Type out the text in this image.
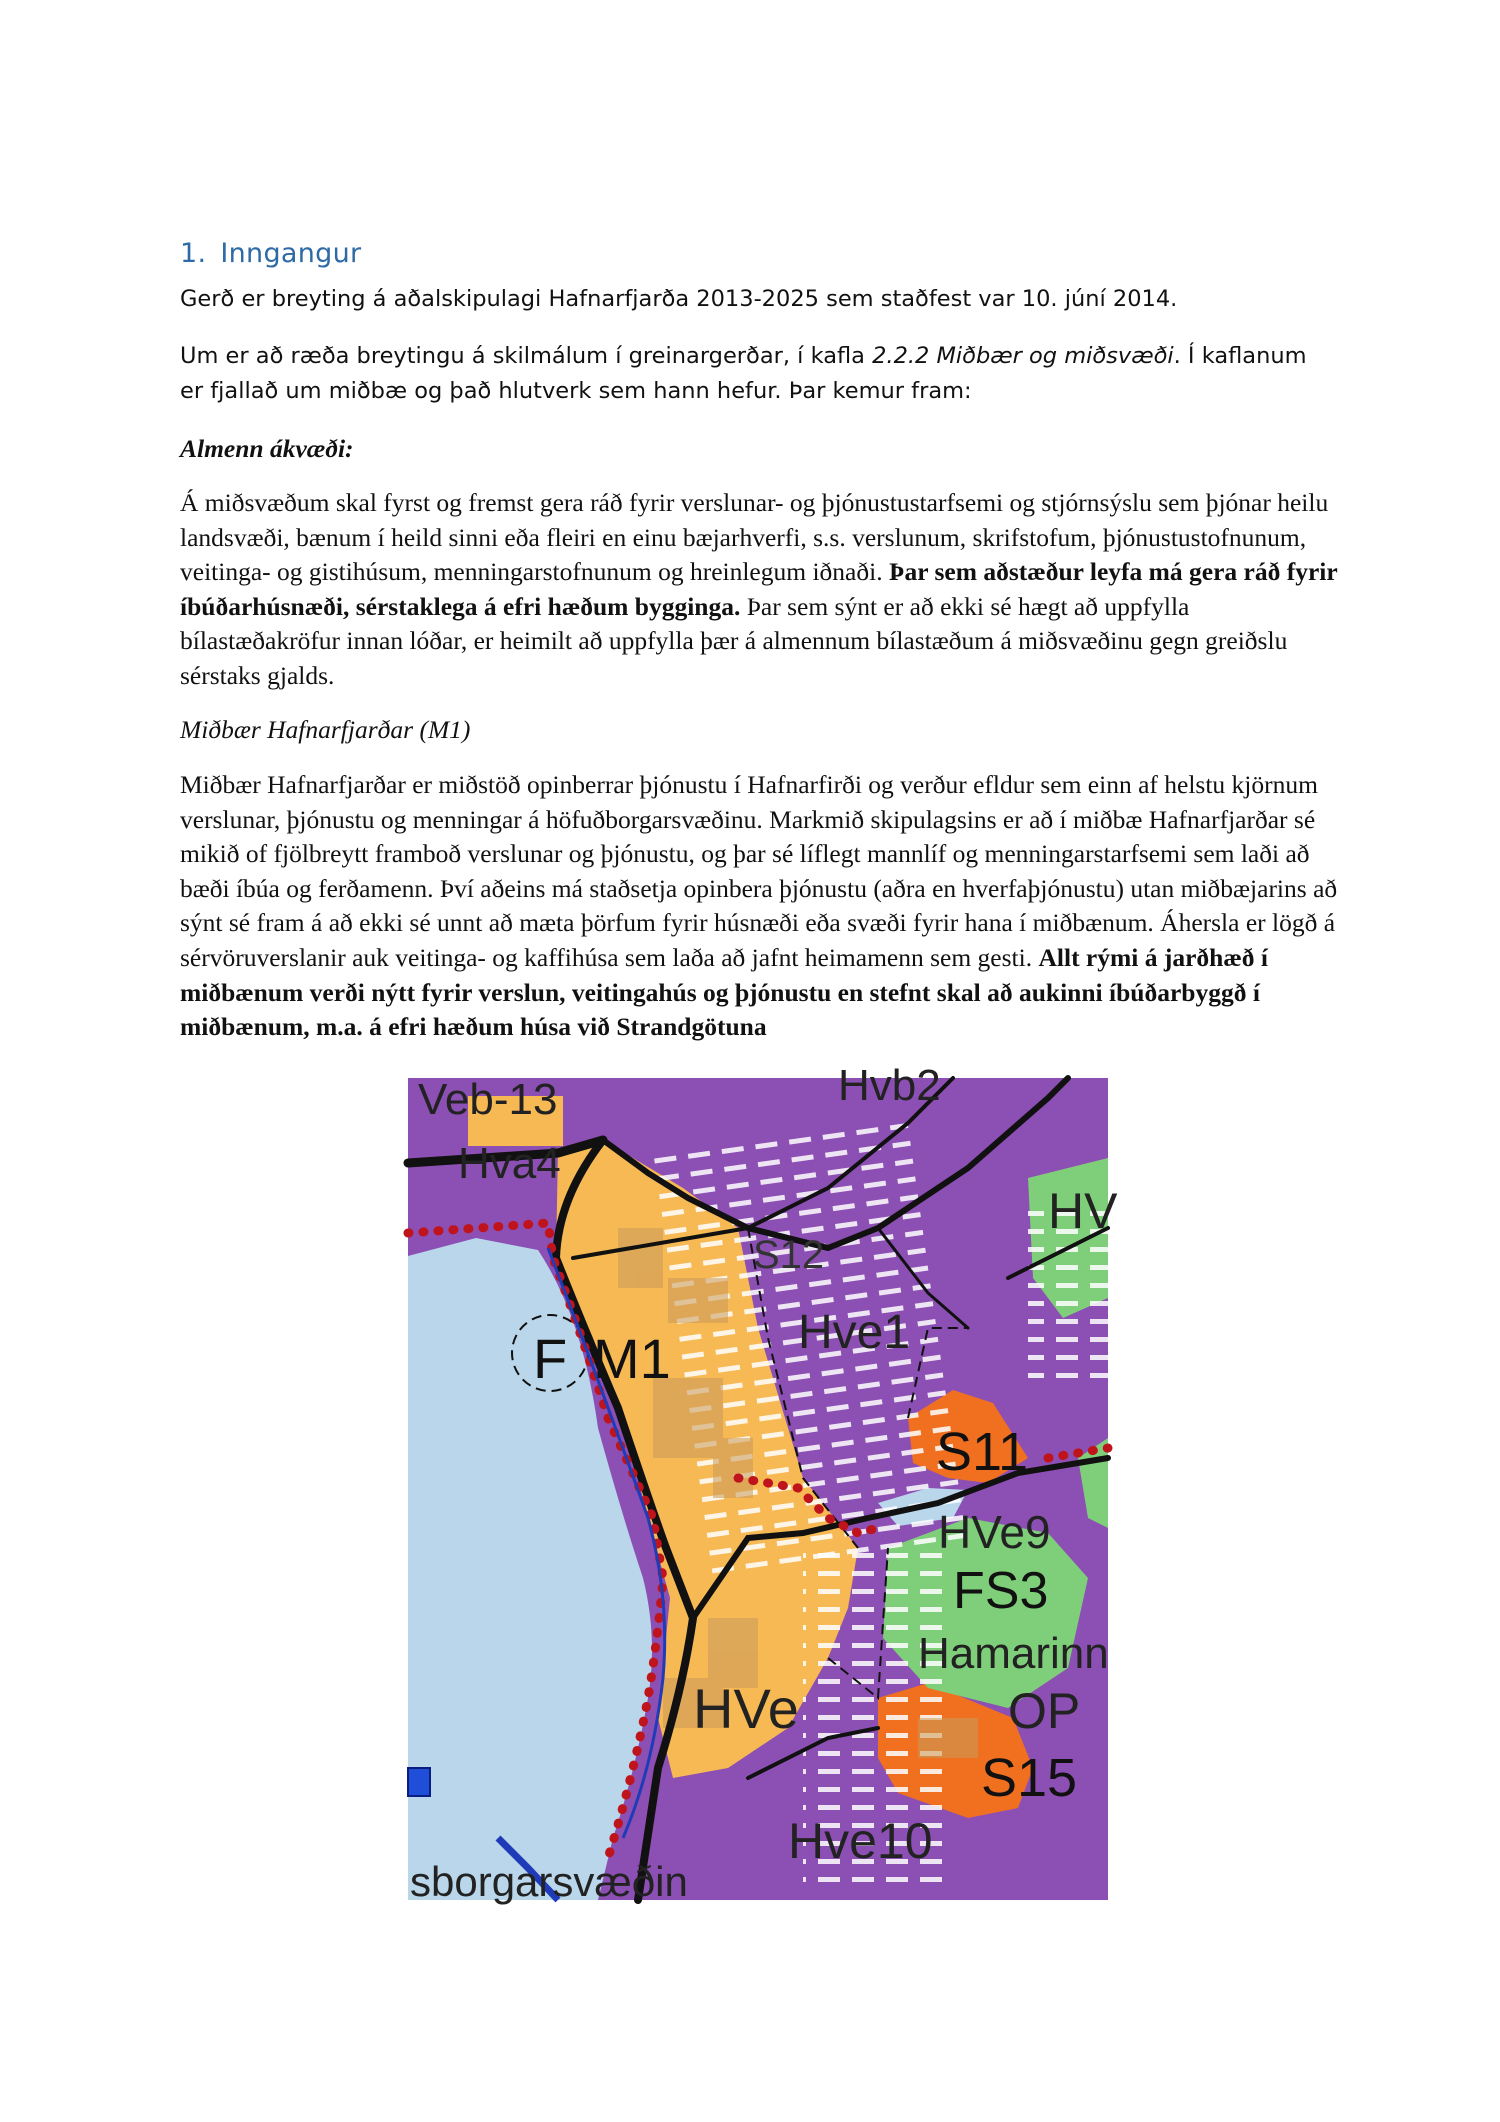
1. Inngangur
Gerð er breyting á aðalskipulagi Hafnarfjarða 2013-2025 sem staðfest var 10. júní 2014.
Um er að ræða breytingu á skilmálum í greinargerðar, í kafla 2.2.2 Miðbær og miðsvæði. Í kaflanum er fjallað um miðbæ og það hlutverk sem hann hefur. Þar kemur fram:
Almenn ákvæði:
Á miðsvæðum skal fyrst og fremst gera ráð fyrir verslunar- og þjónustustarfsemi og stjórnsýslu sem þjónar heilu landsvæði, bænum í heild sinni eða fleiri en einu bæjarhverfi, s.s. verslunum, skrifstofum, þjónustustofnunum, veitinga- og gistihúsum, menningarstofnunum og hreinlegum iðnaði. Þar sem aðstæður leyfa má gera ráð fyrir íbúðarhúsnæði, sérstaklega á efri hæðum bygginga. Þar sem sýnt er að ekki sé hægt að uppfylla bílastæðakröfur innan lóðar, er heimilt að uppfylla þær á almennum bílastæðum á miðsvæðinu gegn greiðslu sérstaks gjalds.
Miðbær Hafnarfjarðar (M1)
Miðbær Hafnarfjarðar er miðstöð opinberrar þjónustu í Hafnarfirði og verður efldur sem einn af helstu kjörnum verslunar, þjónustu og menningar á höfuðborgarsvæðinu. Markmið skipulagsins er að í miðbæ Hafnarfjarðar sé mikið of fjölbreytt framboð verslunar og þjónustu, og þar sé líflegt mannlíf og menningarstarfsemi sem laði að bæði íbúa og ferðamenn. Því aðeins má staðsetja opinbera þjónustu (aðra en hverfaþjónustu) utan miðbæjarins að sýnt sé fram á að ekki sé unnt að mæta þörfum fyrir húsnæði eða svæði fyrir hana í miðbænum. Áhersla er lögð á sérvöruverslanir auk veitinga- og kaffihúsa sem laða að jafnt heimamenn sem gesti. Allt rými á jarðhæð í miðbænum verði nýtt fyrir verslun, veitingahús og þjónustu en stefnt skal að aukinni íbúðarbyggð í miðbænum, m.a. á efri hæðum húsa við Strandgötuna
M1
F
S11
S15
S12
FS3
Hamarinn
OP
Hve1
HVe9
HVe
Hve10
Hva4
HV
sborgarsvæðin
Veb-13	Hvb2
